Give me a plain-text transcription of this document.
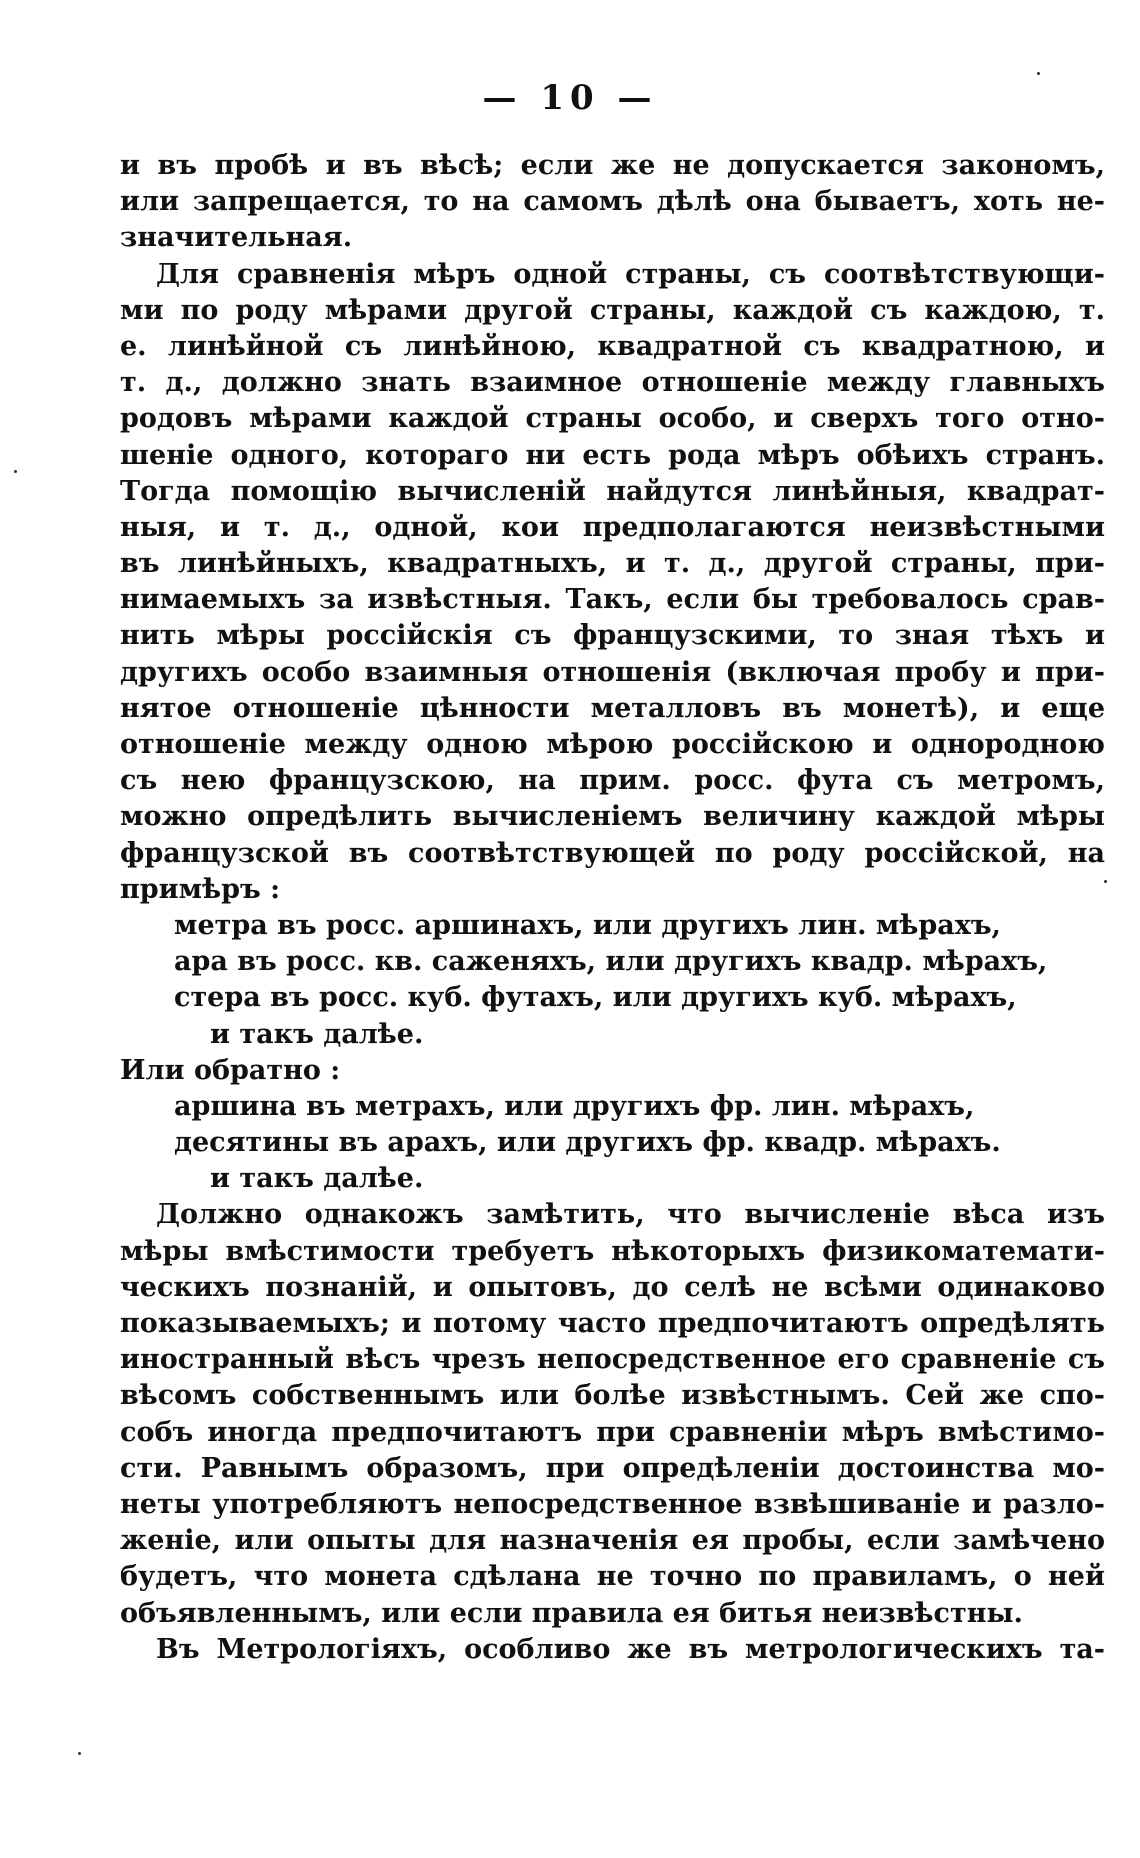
— 10 —
и въ пробѣ и въ вѣсѣ; если же не допускается закономъ,
или запрещается, то на самомъ дѣлѣ она бываетъ, хоть не-
значительная.
Для сравненія мѣръ одной страны, съ соотвѣтствующи-
ми по роду мѣрами другой страны, каждой съ каждою, т.
е. линѣйной съ линѣйною, квадратной съ квадратною, и
т. д., должно знать взаимное отношеніе между главныхъ
родовъ мѣрами каждой страны особо, и сверхъ того отно-
шеніе одного, котораго ни есть рода мѣръ обѣихъ странъ.
Тогда помощію вычисленій найдутся линѣйныя, квадрат-
ныя, и т. д., одной, кои предполагаются неизвѣстными
въ линѣйныхъ, квадратныхъ, и т. д., другой страны, при-
нимаемыхъ за извѣстныя. Такъ, если бы требовалось срав-
нить мѣры россійскія съ французскими, то зная тѣхъ и
другихъ особо взаимныя отношенія (включая пробу и при-
нятое отношеніе цѣнности металловъ въ монетѣ), и еще
отношеніе между одною мѣрою россійскою и однородною
съ нею французскою, на прим. росс. фута съ метромъ,
можно опредѣлить вычисленіемъ величину каждой мѣры
французской въ соотвѣтствующей по роду россійской, на
примѣръ :
метра въ росс. аршинахъ, или другихъ лин. мѣрахъ,
ара въ росс. кв. саженяхъ, или другихъ квадр. мѣрахъ,
стера въ росс. куб. футахъ, или другихъ куб. мѣрахъ,
и такъ далѣе.
Или обратно :
аршина въ метрахъ, или другихъ фр. лин. мѣрахъ,
десятины въ арахъ, или другихъ фр. квадр. мѣрахъ.
и такъ далѣе.
Должно однакожъ замѣтить, что вычисленіе вѣса изъ
мѣры вмѣстимости требуетъ нѣкоторыхъ физикоматемати-
ческихъ познаній, и опытовъ, до селѣ не всѣми одинаково
показываемыхъ; и потому часто предпочитаютъ опредѣлять
иностранный вѣсъ чрезъ непосредственное его сравненіе съ
вѣсомъ собственнымъ или болѣе извѣстнымъ. Сей же спо-
собъ иногда предпочитаютъ при сравненіи мѣръ вмѣстимо-
сти. Равнымъ образомъ, при опредѣленіи достоинства мо-
неты употребляютъ непосредственное взвѣшиваніе и разло-
женіе, или опыты для назначенія ея пробы, если замѣчено
будетъ, что монета сдѣлана не точно по правиламъ, о ней
объявленнымъ, или если правила ея битья неизвѣстны.
Въ Метрологіяхъ, особливо же въ метрологическихъ та-
